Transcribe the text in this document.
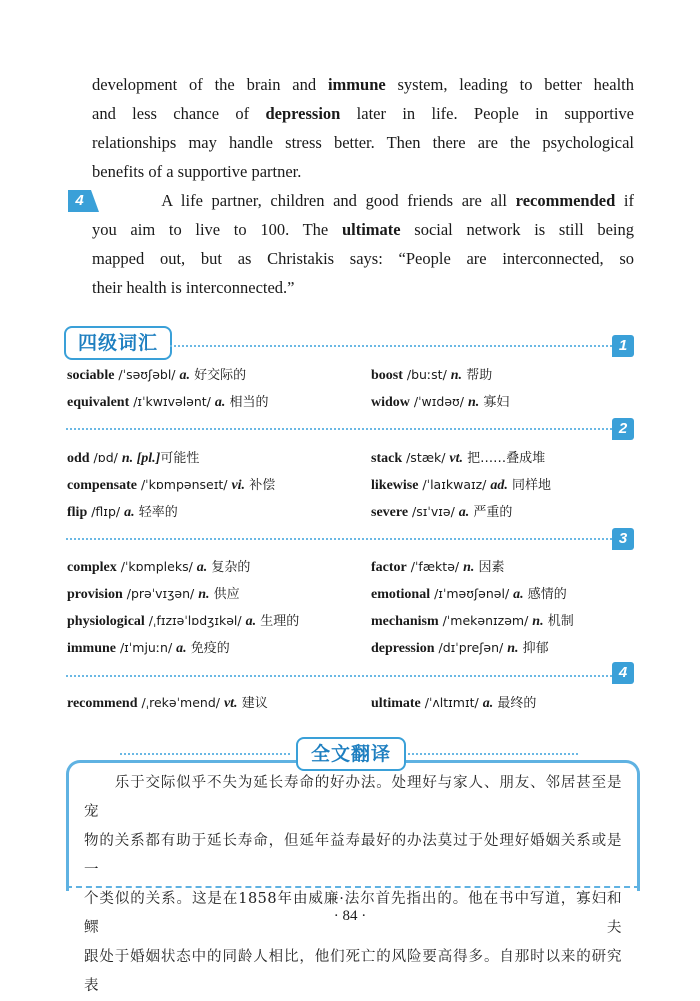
development of the brain and immune system, leading to better health
and less chance of depression later in life. People in supportive
relationships may handle stress better. Then there are the psychological
benefits of a supportive partner.
4 A life partner, children and good friends are all recommended if
you aim to live to 100. The ultimate social network is still being
mapped out, but as Christakis says: “People are interconnected, so
their health is interconnected.”
四级词汇	1
2
3
4
sociable /ˈsəʊʃəbl/ a. 好交际的
equivalent /ɪˈkwɪvələnt/ a. 相当的
boost /buːst/ n. 帮助
widow /ˈwɪdəʊ/ n. 寡妇
odd /ɒd/ n. [pl.]可能性
compensate /ˈkɒmpənseɪt/ vi. 补偿
flip /flɪp/ a. 轻率的
stack /stæk/ vt. 把……叠成堆
likewise /ˈlaɪkwaɪz/ ad. 同样地
severe /sɪˈvɪə/ a. 严重的
complex /ˈkɒmpleks/ a. 复杂的
provision /prəˈvɪʒən/ n. 供应
physiological /ˌfɪzɪəˈlɒdʒɪkəl/ a. 生理的
immune /ɪˈmjuːn/ a. 免疫的
factor /ˈfæktə/ n. 因素
emotional /ɪˈməʊʃənəl/ a. 感情的
mechanism /ˈmekənɪzəm/ n. 机制
depression /dɪˈpreʃən/ n. 抑郁
recommend /ˌrekəˈmend/ vt. 建议	ultimate /ˈʌltɪmɪt/ a. 最终的
全文翻译
　　乐于交际似乎不失为延长寿命的好办法。处理好与家人、朋友、邻居甚至是宠
物的关系都有助于延长寿命，但延年益寿最好的办法莫过于处理好婚姻关系或是一
个类似的关系。这是在1858年由威廉·法尔首先指出的。他在书中写道，寡妇和鳏夫
跟处于婚姻状态中的同龄人相比，他们死亡的风险要高得多。自那时以来的研究表
· 84 ·
